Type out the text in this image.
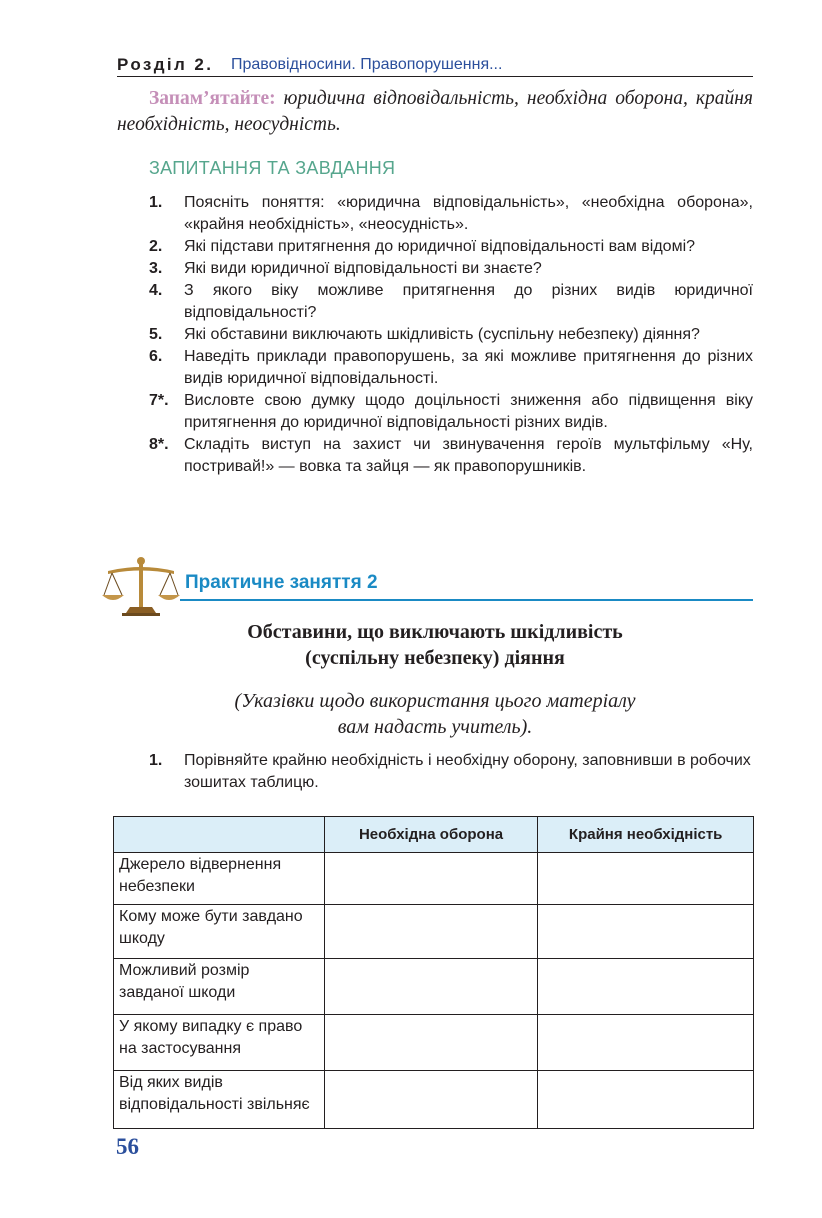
Розділ 2. Правовідносини. Правопорушення...
Запам’ятайте: юридична відповідальність, необхідна оборона, крайня необхідність, неосудність.
ЗАПИТАННЯ ТА ЗАВДАННЯ
1. Поясніть поняття: «юридична відповідальність», «необхідна оборона», «крайня необхідність», «неосудність».
2. Які підстави притягнення до юридичної відповідальності вам відомі?
3. Які види юридичної відповідальності ви знаєте?
4. З якого віку можливе притягнення до різних видів юридичної відповідальності?
5. Які обставини виключають шкідливість (суспільну небезпеку) діяння?
6. Наведіть приклади правопорушень, за які можливе притягнення до різних видів юридичної відповідальності.
7*. Висловте свою думку щодо доцільності зниження або підвищення віку притягнення до юридичної відповідальності різних видів.
8*. Складіть виступ на захист чи звинувачення героїв мультфільму «Ну, постривай!» — вовка та зайця — як правопорушників.
Практичне заняття 2
Обставини, що виключають шкідливість
(суспільну небезпеку) діяння
(Указівки щодо використання цього матеріалу
вам надасть учитель).
1. Порівняйте крайню необхідність і необхідну оборону, заповнивши в робочих зошитах таблицю.
	Необхідна оборона	Крайня необхідність
Джерело відвернення небезпеки		
Кому може бути завдано шкоду		
Можливий розмір завданої шкоди		
У якому випадку є право на застосування		
Від яких видів відповідальності звільняє		
56
